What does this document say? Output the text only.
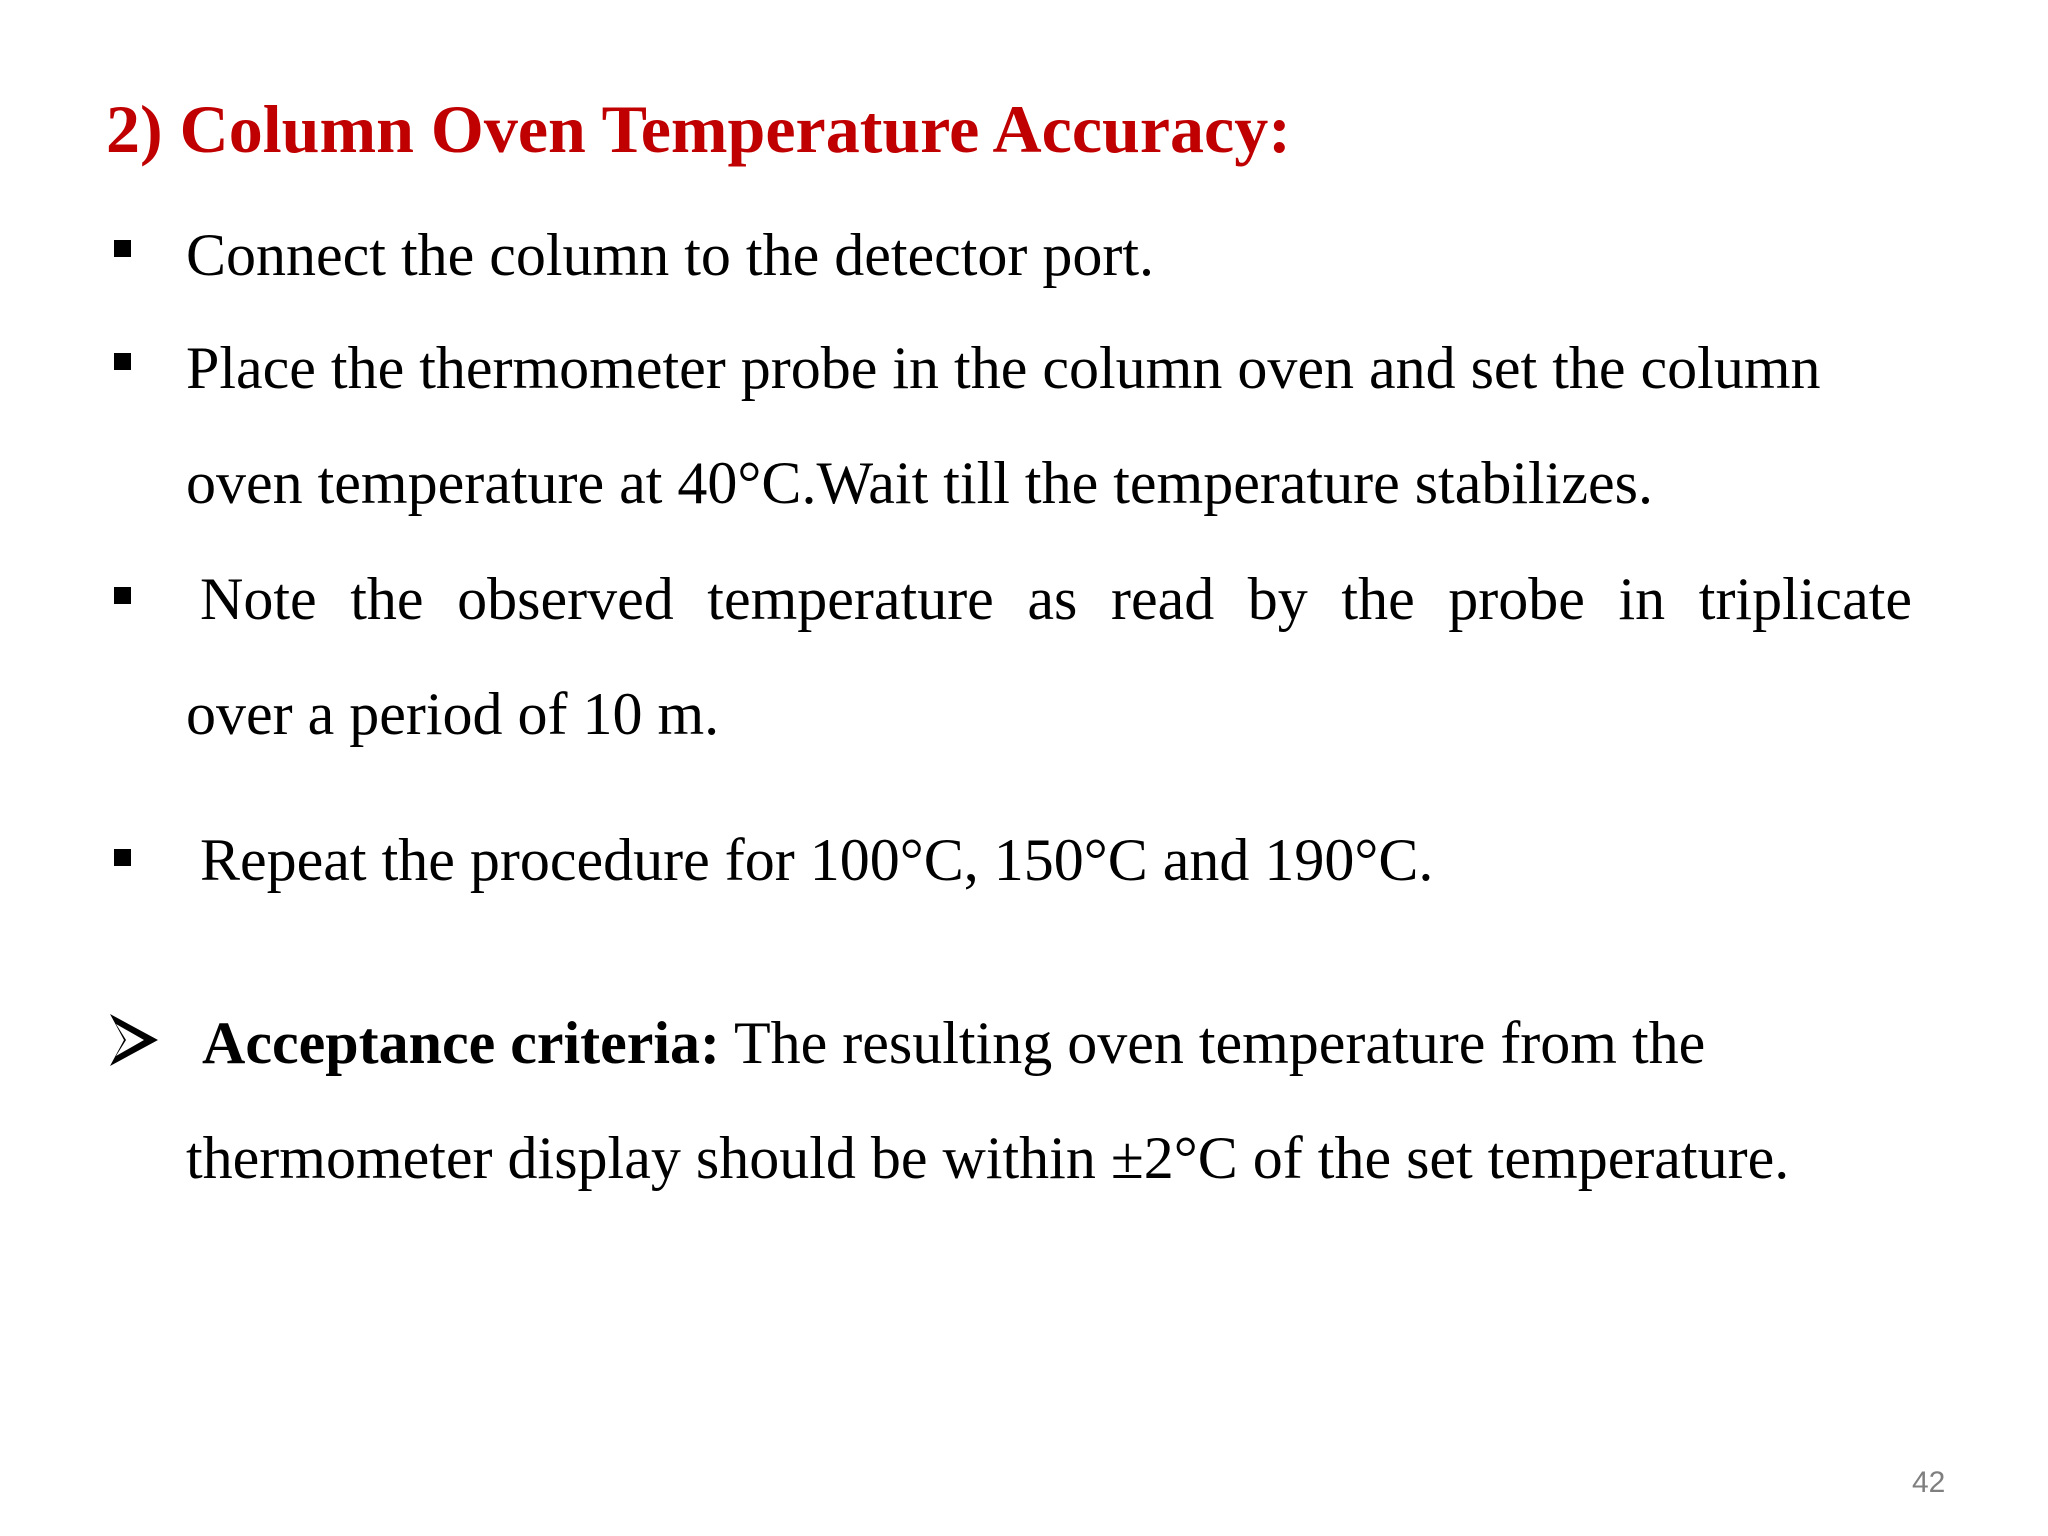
2) Column Oven Temperature Accuracy:
Connect the column to the detector port.
Place the thermometer probe in the column oven and set the column
oven temperature at 40°C.Wait till the temperature stabilizes.
Note the observed temperature as read by the probe in triplicate
over a period of 10 m.
Repeat the procedure for 100°C, 150°C and 190°C.
Acceptance criteria: The resulting oven temperature from the
thermometer display should be within ±2°C of the set temperature.
42
